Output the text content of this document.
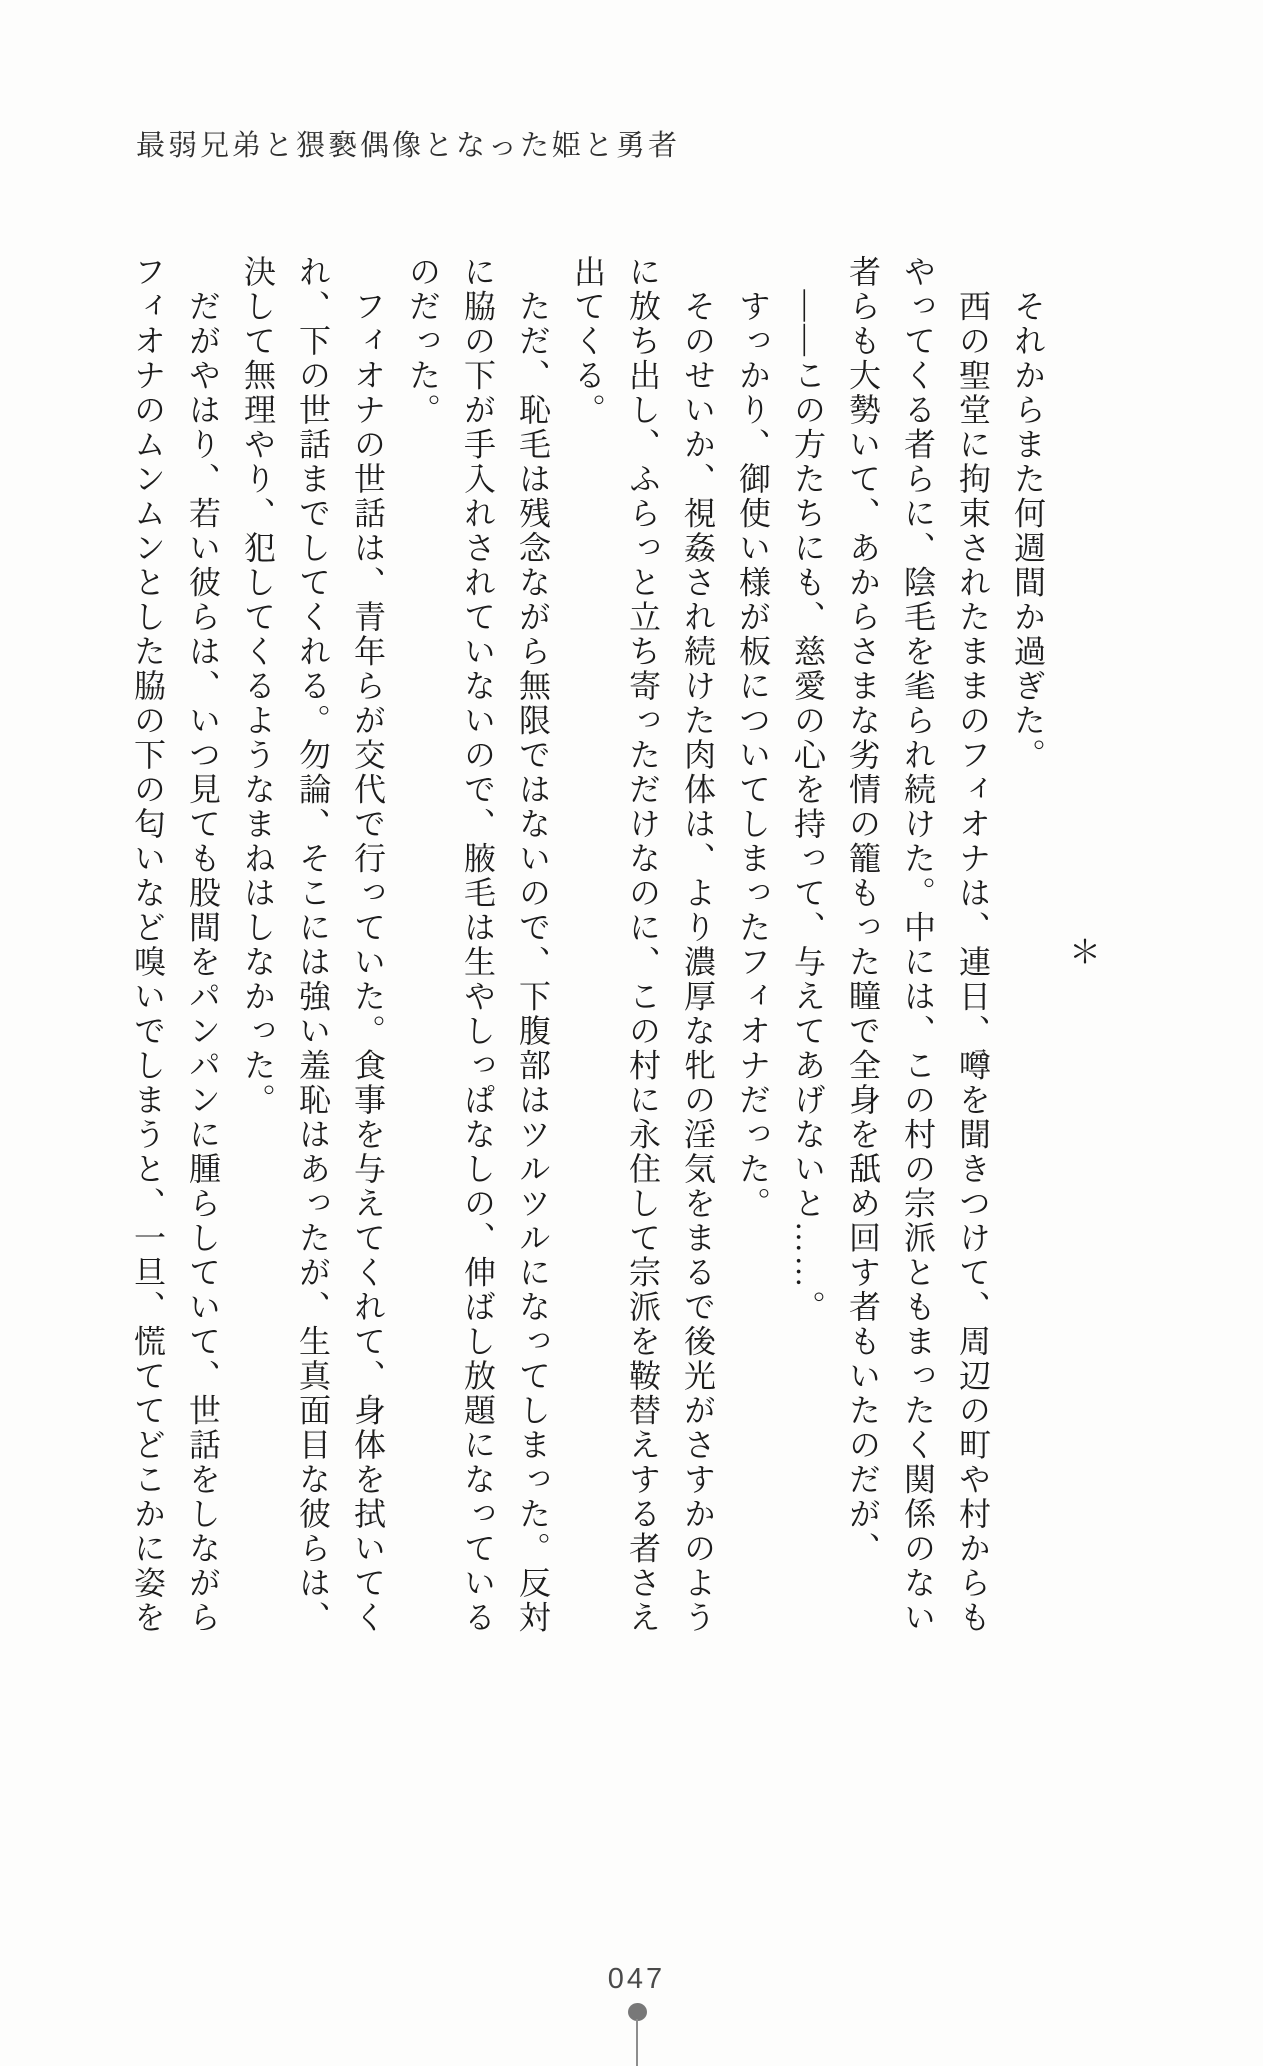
最弱兄弟と猥褻偶像となった姫と勇者

＊

　それからまた何週間か過ぎた。

　西の聖堂に拘束されたままのフィオナは、連日、噂を聞きつけて、周辺の町や村からも

やってくる者らに、陰毛を毟られ続けた。中には、この村の宗派ともまったく関係のない

者らも大勢いて、あからさまな劣情の籠もった瞳で全身を舐め回す者もいたのだが、

　——この方たちにも、慈愛の心を持って、与えてあげないと……。

　すっかり、御使い様が板についてしまったフィオナだった。

　そのせいか、視姦され続けた肉体は、より濃厚な牝の淫気をまるで後光がさすかのよう

に放ち出し、ふらっと立ち寄っただけなのに、この村に永住して宗派を鞍替えする者さえ

出てくる。

　ただ、恥毛は残念ながら無限ではないので、下腹部はツルツルになってしまった。反対

に脇の下が手入れされていないので、腋毛は生やしっぱなしの、伸ばし放題になっている

のだった。

　フィオナの世話は、青年らが交代で行っていた。食事を与えてくれて、身体を拭いてく

れ、下の世話までしてくれる。勿論、そこには強い羞恥はあったが、生真面目な彼らは、

決して無理やり、犯してくるようなまねはしなかった。

　だがやはり、若い彼らは、いつ見ても股間をパンパンに腫らしていて、世話をしながら

フィオナのムンムンとした脇の下の匂いなど嗅いでしまうと、一旦、慌ててどこかに姿を

047
